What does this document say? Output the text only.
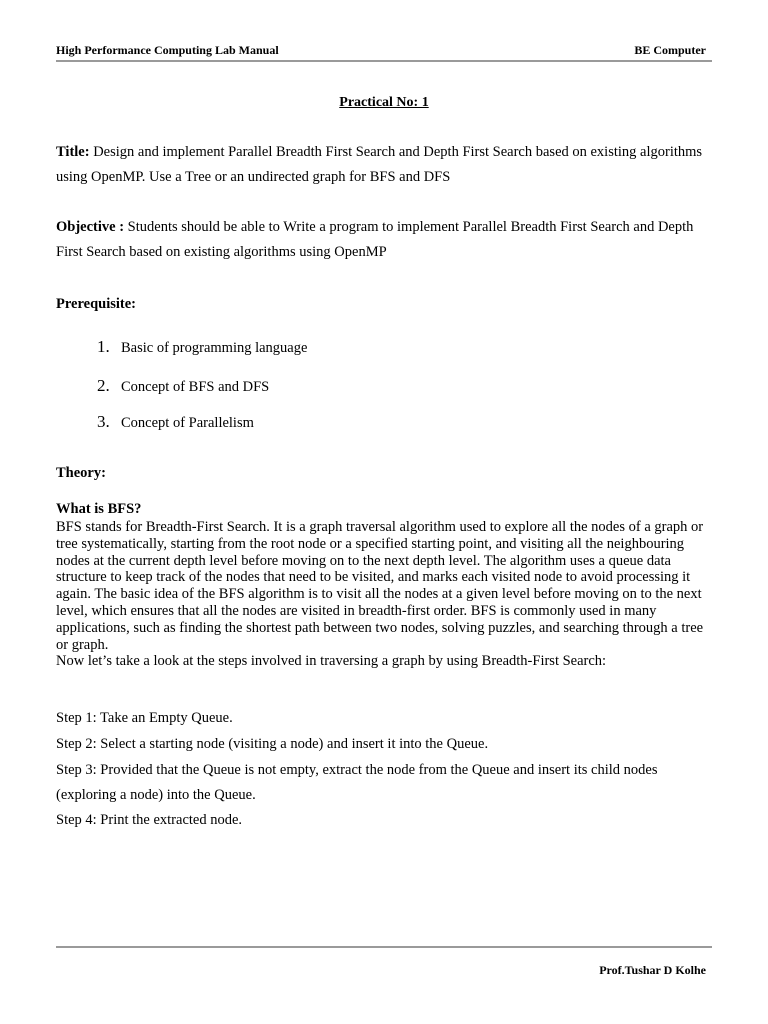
High Performance Computing Lab Manual	BE Computer
Practical No: 1
Title: Design and implement Parallel Breadth First Search and Depth First Search based on existing algorithms using OpenMP. Use a Tree or an undirected graph for BFS and DFS
Objective : Students should be able to Write a program to implement Parallel Breadth First Search and Depth First Search based on existing algorithms using OpenMP
Prerequisite:
1. Basic of programming language
2. Concept of BFS and DFS
3. Concept of Parallelism
Theory:
What is BFS?
BFS stands for Breadth-First Search. It is a graph traversal algorithm used to explore all the nodes of a graph or tree systematically, starting from the root node or a specified starting point, and visiting all the neighbouring nodes at the current depth level before moving on to the next depth level. The algorithm uses a queue data structure to keep track of the nodes that need to be visited, and marks each visited node to avoid processing it again. The basic idea of the BFS algorithm is to visit all the nodes at a given level before moving on to the next level, which ensures that all the nodes are visited in breadth-first order. BFS is commonly used in many applications, such as finding the shortest path between two nodes, solving puzzles, and searching through a tree or graph.
Now let’s take a look at the steps involved in traversing a graph by using Breadth-First Search:
Step 1: Take an Empty Queue.
Step 2: Select a starting node (visiting a node) and insert it into the Queue.
Step 3: Provided that the Queue is not empty, extract the node from the Queue and insert its child nodes (exploring a node) into the Queue.
Step 4: Print the extracted node.
Prof.Tushar D Kolhe
